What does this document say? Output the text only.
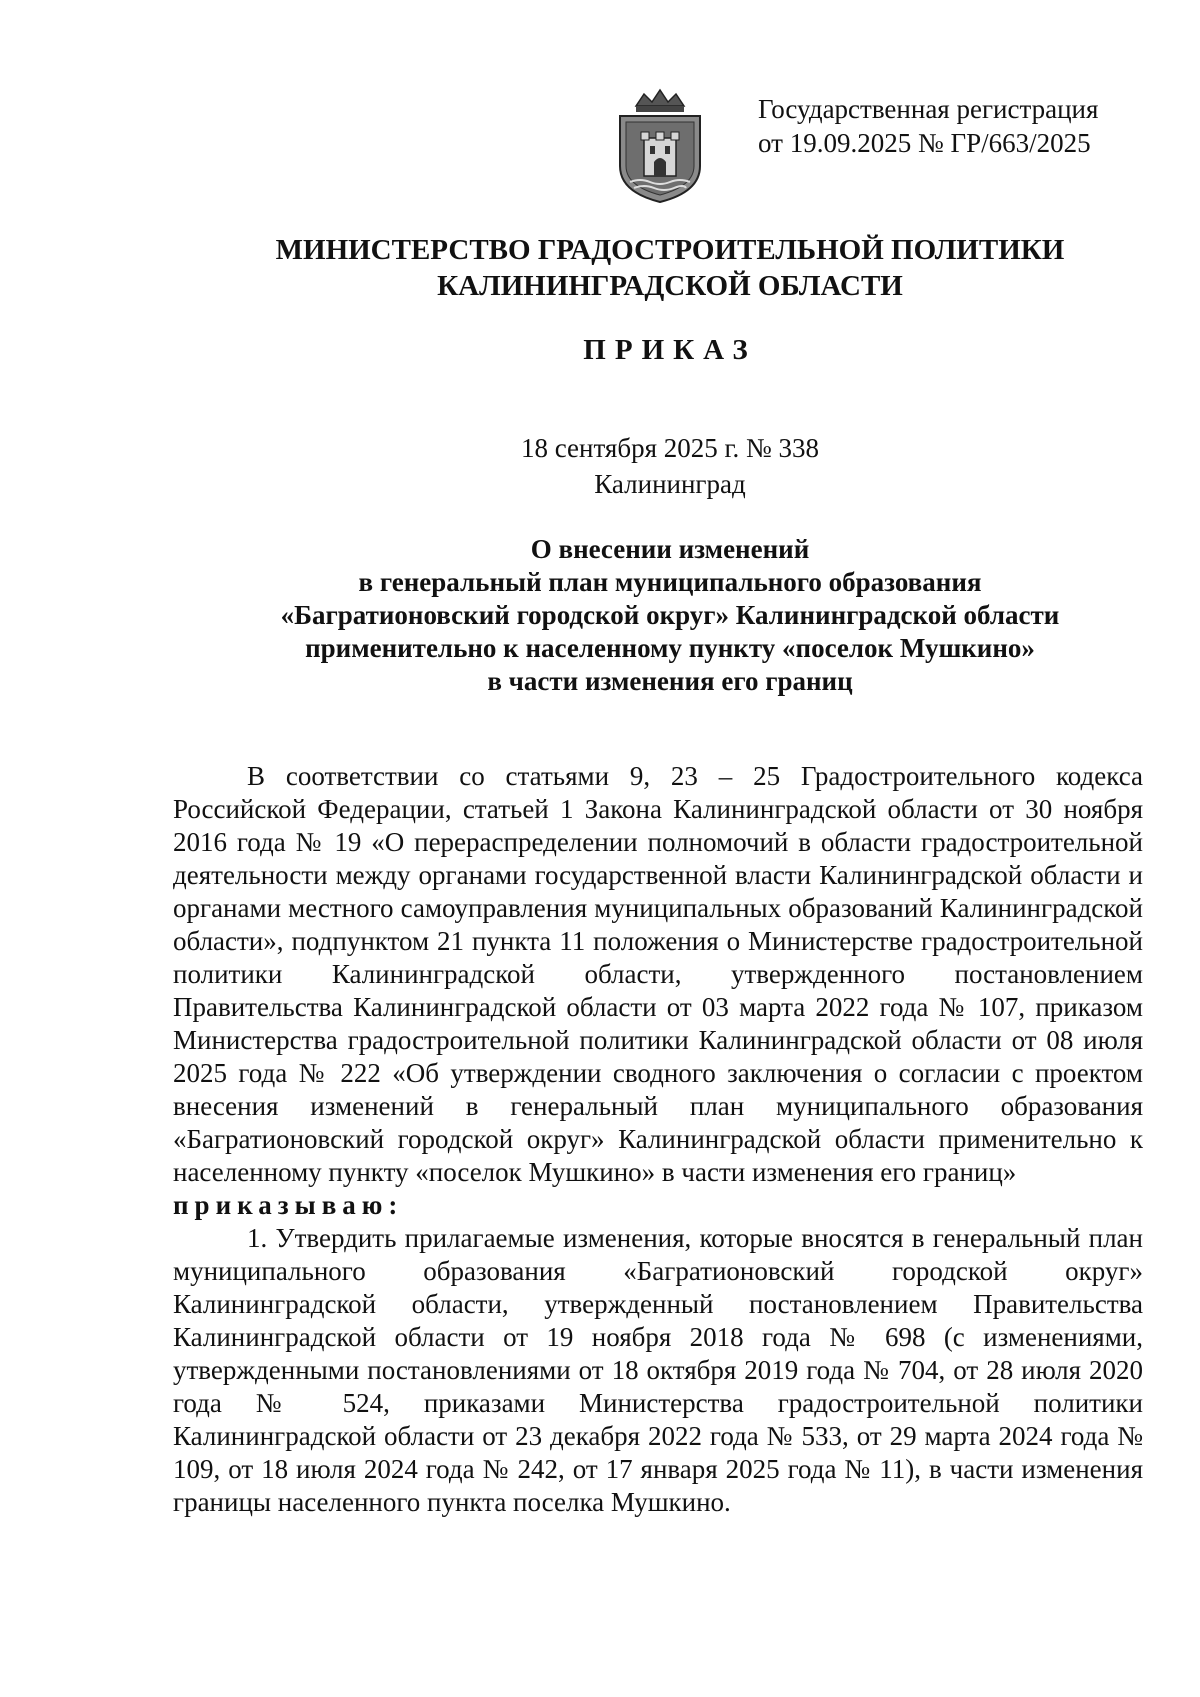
Государственная регистрация
от 19.09.2025 № ГР/663/2025
МИНИСТЕРСТВО ГРАДОСТРОИТЕЛЬНОЙ ПОЛИТИКИ
КАЛИНИНГРАДСКОЙ ОБЛАСТИ
ПРИКАЗ
18 сентября 2025 г. № 338
Калининград
О внесении изменений
в генеральный план муниципального образования
«Багратионовский городской округ» Калининградской области
применительно к населенному пункту «поселок Мушкино»
в части изменения его границ

В соответствии со статьями 9, 23 – 25 Градостроительного кодекса Российской Федерации, статьей 1 Закона Калининградской области от 30 ноября 2016 года № 19 «О перераспределении полномочий в области градостроительной деятельности между органами государственной власти Калининградской области и органами местного самоуправления муниципальных образований Калининградской области», подпунктом 21 пункта 11 положения о Министерстве градостроительной политики Калининградской области, утвержденного постановлением Правительства Калининградской области от 03 марта 2022 года № 107, приказом Министерства градостроительной политики Калининградской области от 08 июля 2025 года № 222 «Об утверждении сводного заключения о согласии с проектом внесения изменений в генеральный план муниципального образования «Багратионовский городской округ» Калининградской области применительно к населенному пункту «поселок Мушкино» в части изменения его границ»

приказываю:

1. Утвердить прилагаемые изменения, которые вносятся в генеральный план муниципального образования «Багратионовский городской округ» Калининградской области, утвержденный постановлением Правительства Калининградской области от 19 ноября 2018 года № 698 (с изменениями, утвержденными постановлениями от 18 октября 2019 года № 704, от 28 июля 2020 года № 524, приказами Министерства градостроительной политики Калининградской области от 23 декабря 2022 года № 533, от 29 марта 2024 года № 109, от 18 июля 2024 года № 242, от 17 января 2025 года № 11), в части изменения границы населенного пункта поселка Мушкино.
